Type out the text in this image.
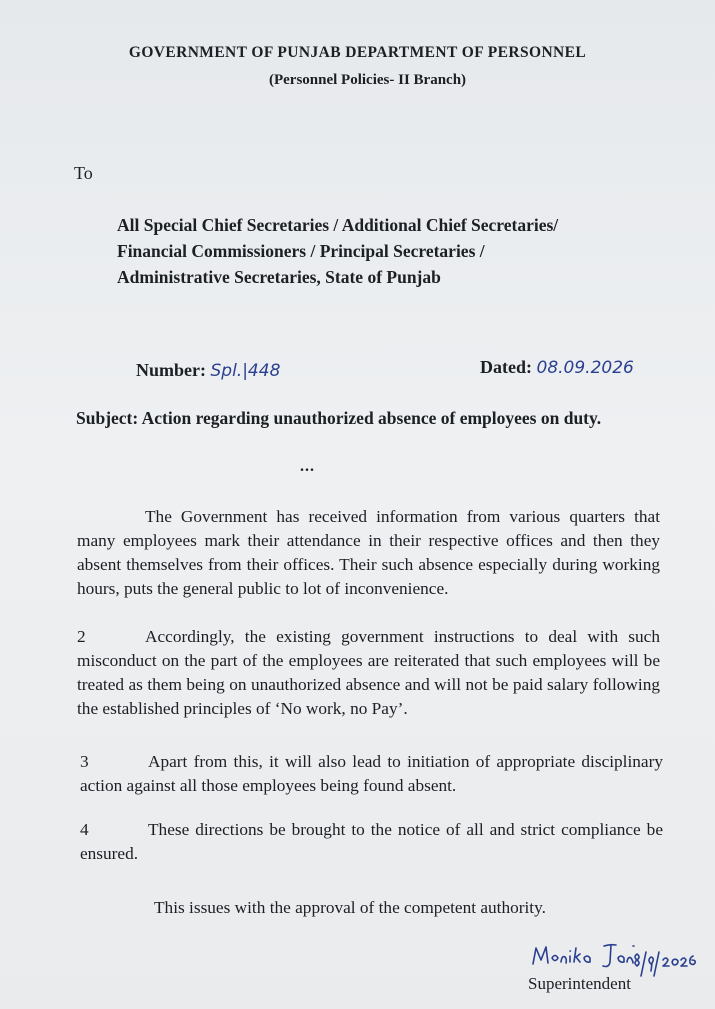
GOVERNMENT OF PUNJAB DEPARTMENT OF PERSONNEL
(Personnel Policies- II Branch)
To
All Special Chief Secretaries / Additional Chief Secretaries/
Financial Commissioners / Principal Secretaries /
Administrative Secretaries, State of Punjab
Number: Spl.|448	Dated: 08.09.2026
Subject: Action regarding unauthorized absence of employees on duty.
...
The Government has received information from various quarters that many employees mark their attendance in their respective offices and then they absent themselves from their offices. Their such absence especially during working hours, puts the general public to lot of inconvenience.
2	Accordingly, the existing government instructions to deal with such misconduct on the part of the employees are reiterated that such employees will be treated as them being on unauthorized absence and will not be paid salary following the established principles of ‘No work, no Pay’.
3	Apart from this, it will also lead to initiation of appropriate disciplinary action against all those employees being found absent.
4	These directions be brought to the notice of all and strict compliance be ensured.
This issues with the approval of the competent authority.
Superintendent
